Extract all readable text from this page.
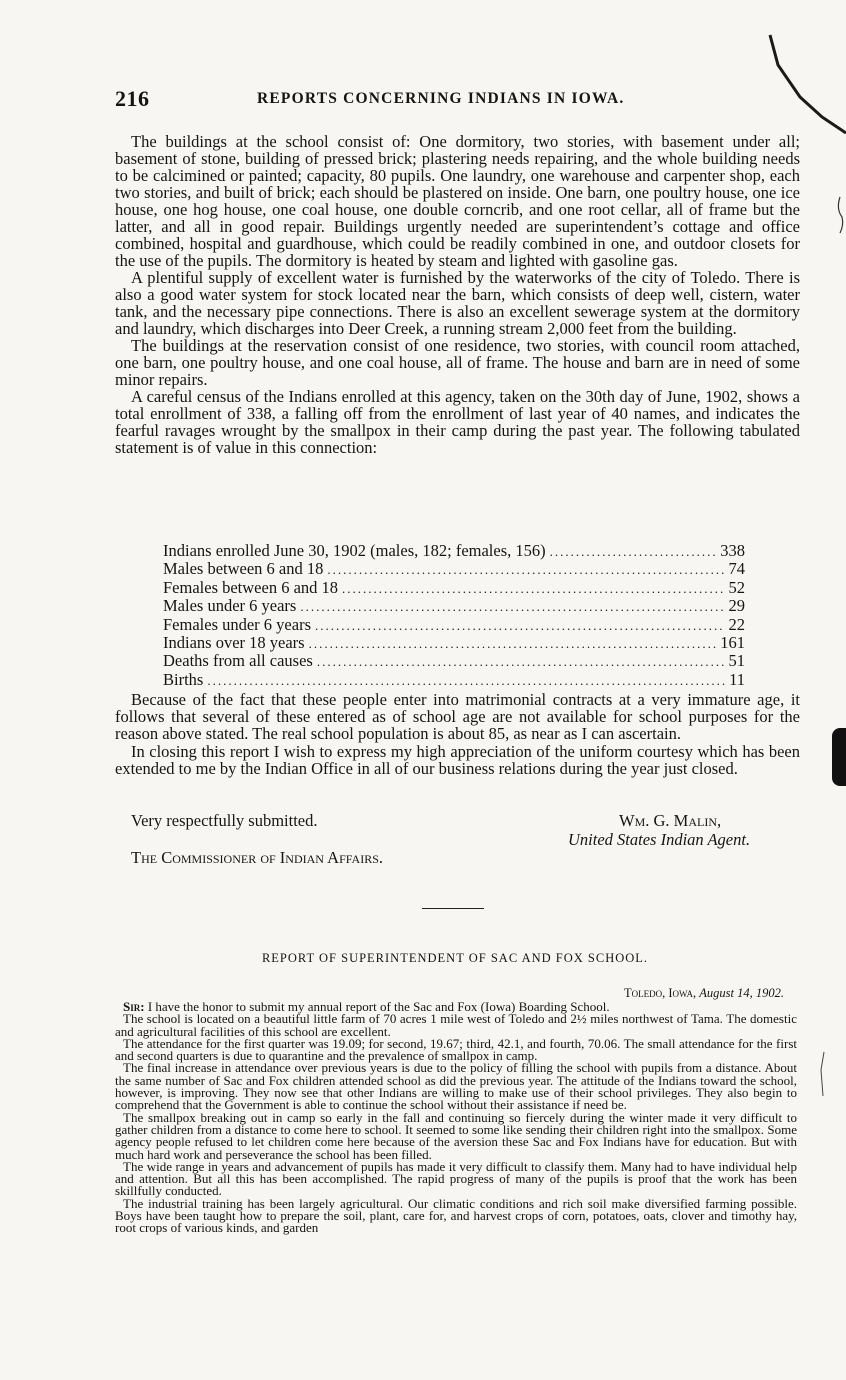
216	REPORTS CONCERNING INDIANS IN IOWA.

The buildings at the school consist of: One dormitory, two stories, with basement under all; basement of stone, building of pressed brick; plastering needs repairing, and the whole building needs to be calcimined or painted; capacity, 80 pupils. One laundry, one warehouse and carpenter shop, each two stories, and built of brick; each should be plastered on inside. One barn, one poultry house, one ice house, one hog house, one coal house, one double corncrib, and one root cellar, all of frame but the latter, and all in good repair. Buildings urgently needed are superintendent’s cottage and office combined, hospital and guardhouse, which could be readily combined in one, and outdoor closets for the use of the pupils. The dormitory is heated by steam and lighted with gasoline gas.

A plentiful supply of excellent water is furnished by the waterworks of the city of Toledo. There is also a good water system for stock located near the barn, which consists of deep well, cistern, water tank, and the necessary pipe connections. There is also an excellent sewerage system at the dormitory and laundry, which discharges into Deer Creek, a running stream 2,000 feet from the building.

The buildings at the reservation consist of one residence, two stories, with council room attached, one barn, one poultry house, and one coal house, all of frame. The house and barn are in need of some minor repairs.

A careful census of the Indians enrolled at this agency, taken on the 30th day of June, 1902, shows a total enrollment of 338, a falling off from the enrollment of last year of 40 names, and indicates the fearful ravages wrought by the smallpox in their camp during the past year. The following tabulated statement is of value in this connection:

Indians enrolled June 30, 1902 (males, 182; females, 156) .....	338
Males between 6 and 18 .....	74
Females between 6 and 18 .....	52
Males under 6 years .....	29
Females under 6 years .....	22
Indians over 18 years .....	161
Deaths from all causes .....	51
Births .....	11

Because of the fact that these people enter into matrimonial contracts at a very immature age, it follows that several of these entered as of school age are not available for school purposes for the reason above stated. The real school population is about 85, as near as I can ascertain.

In closing this report I wish to express my high appreciation of the uniform courtesy which has been extended to me by the Indian Office in all of our business relations during the year just closed.

Very respectfully submitted.	Wm. G. Malin,
United States Indian Agent.
The Commissioner of Indian Affairs.
REPORT OF SUPERINTENDENT OF SAC AND FOX SCHOOL.
Toledo, Iowa, August 14, 1902.

Sir: I have the honor to submit my annual report of the Sac and Fox (Iowa) Boarding School.

The school is located on a beautiful little farm of 70 acres 1 mile west of Toledo and 2½ miles northwest of Tama. The domestic and agricultural facilities of this school are excellent.

The attendance for the first quarter was 19.09; for second, 19.67; third, 42.1, and fourth, 70.06. The small attendance for the first and second quarters is due to quarantine and the prevalence of smallpox in camp.

The final increase in attendance over previous years is due to the policy of filling the school with pupils from a distance. About the same number of Sac and Fox children attended school as did the previous year. The attitude of the Indians toward the school, however, is improving. They now see that other Indians are willing to make use of their school privileges. They also begin to comprehend that the Government is able to continue the school without their assistance if need be.

The smallpox breaking out in camp so early in the fall and continuing so fiercely during the winter made it very difficult to gather children from a distance to come here to school. It seemed to some like sending their children right into the smallpox. Some agency people refused to let children come here because of the aversion these Sac and Fox Indians have for education. But with much hard work and perseverance the school has been filled.

The wide range in years and advancement of pupils has made it very difficult to classify them. Many had to have individual help and attention. But all this has been accomplished. The rapid progress of many of the pupils is proof that the work has been skillfully conducted.

The industrial training has been largely agricultural. Our climatic conditions and rich soil make diversified farming possible. Boys have been taught how to prepare the soil, plant, care for, and harvest crops of corn, potatoes, oats, clover and timothy hay, root crops of various kinds, and garden
